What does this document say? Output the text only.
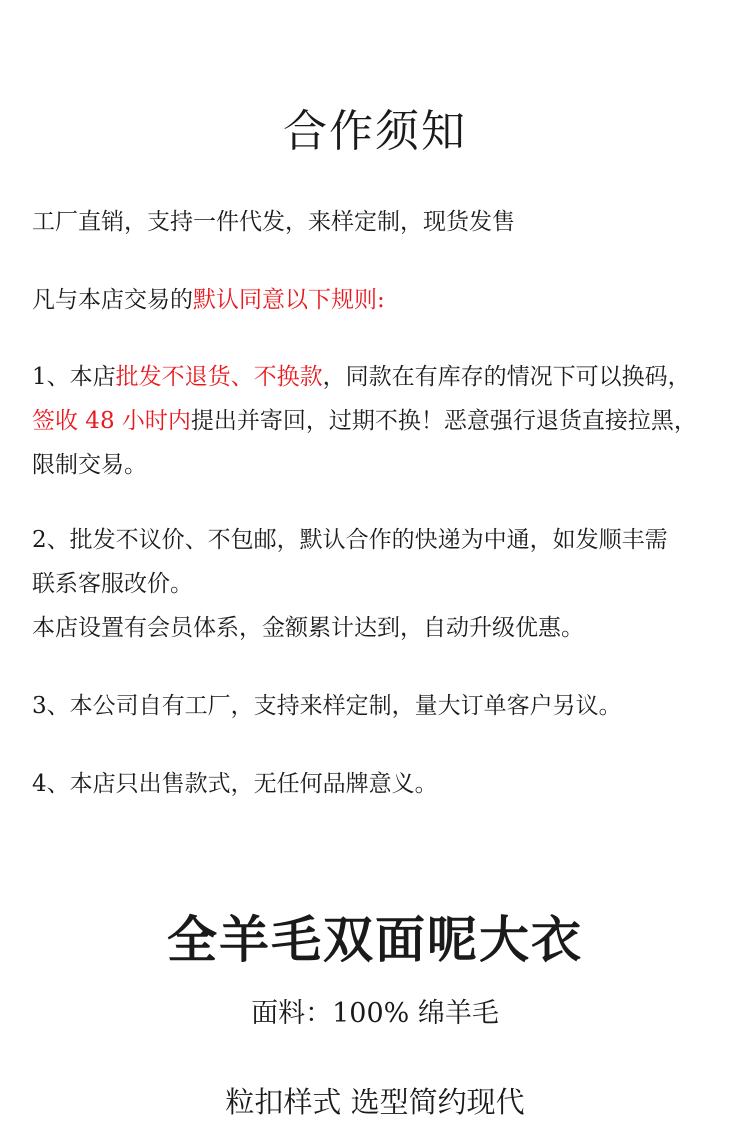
合作须知
工厂直销，支持一件代发，来样定制，现货发售
凡与本店交易的默认同意以下规则:
1、本店批发不退货、不换款，同款在有库存的情况下可以换码，
签收 48 小时内提出并寄回，过期不换！恶意强行退货直接拉黑，
限制交易。
2、批发不议价、不包邮，默认合作的快递为中通，如发顺丰需
联系客服改价。
本店设置有会员体系，金额累计达到，自动升级优惠。
3、本公司自有工厂，支持来样定制，量大订单客户另议。
4、本店只出售款式，无任何品牌意义。
全羊毛双面呢大衣
面料：100% 绵羊毛
粒扣样式 选型简约现代
